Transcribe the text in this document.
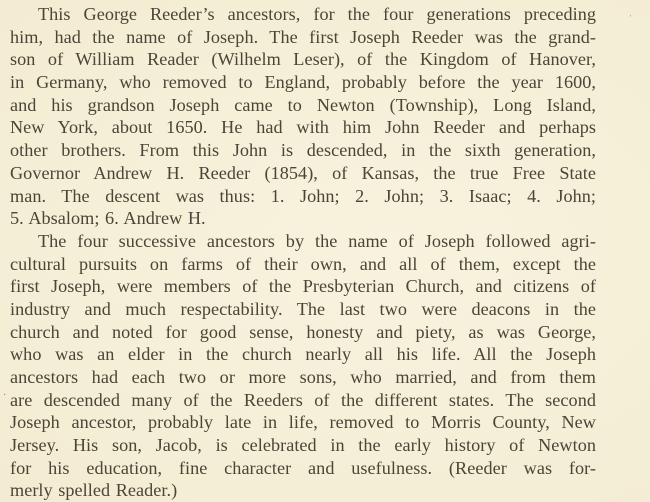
This George Reeder’s ancestors, for the four generations preceding
him, had the name of Joseph. The first Joseph Reeder was the grand-
son of William Reader (Wilhelm Leser), of the Kingdom of Hanover,
in Germany, who removed to England, probably before the year 1600,
and his grandson Joseph came to Newton (Township), Long Island,
New York, about 1650. He had with him John Reeder and perhaps
other brothers. From this John is descended, in the sixth generation,
Governor Andrew H. Reeder (1854), of Kansas, the true Free State
man. The descent was thus: 1. John; 2. John; 3. Isaac; 4. John;
5. Absalom; 6. Andrew H.
The four successive ancestors by the name of Joseph followed agri-
cultural pursuits on farms of their own, and all of them, except the
first Joseph, were members of the Presbyterian Church, and citizens of
industry and much respectability. The last two were deacons in the
church and noted for good sense, honesty and piety, as was George,
who was an elder in the church nearly all his life. All the Joseph
ancestors had each two or more sons, who married, and from them
are descended many of the Reeders of the different states. The second
Joseph ancestor, probably late in life, removed to Morris County, New
Jersey. His son, Jacob, is celebrated in the early history of Newton
for his education, fine character and usefulness. (Reeder was for-
merly spelled Reader.)
ˈ
·
